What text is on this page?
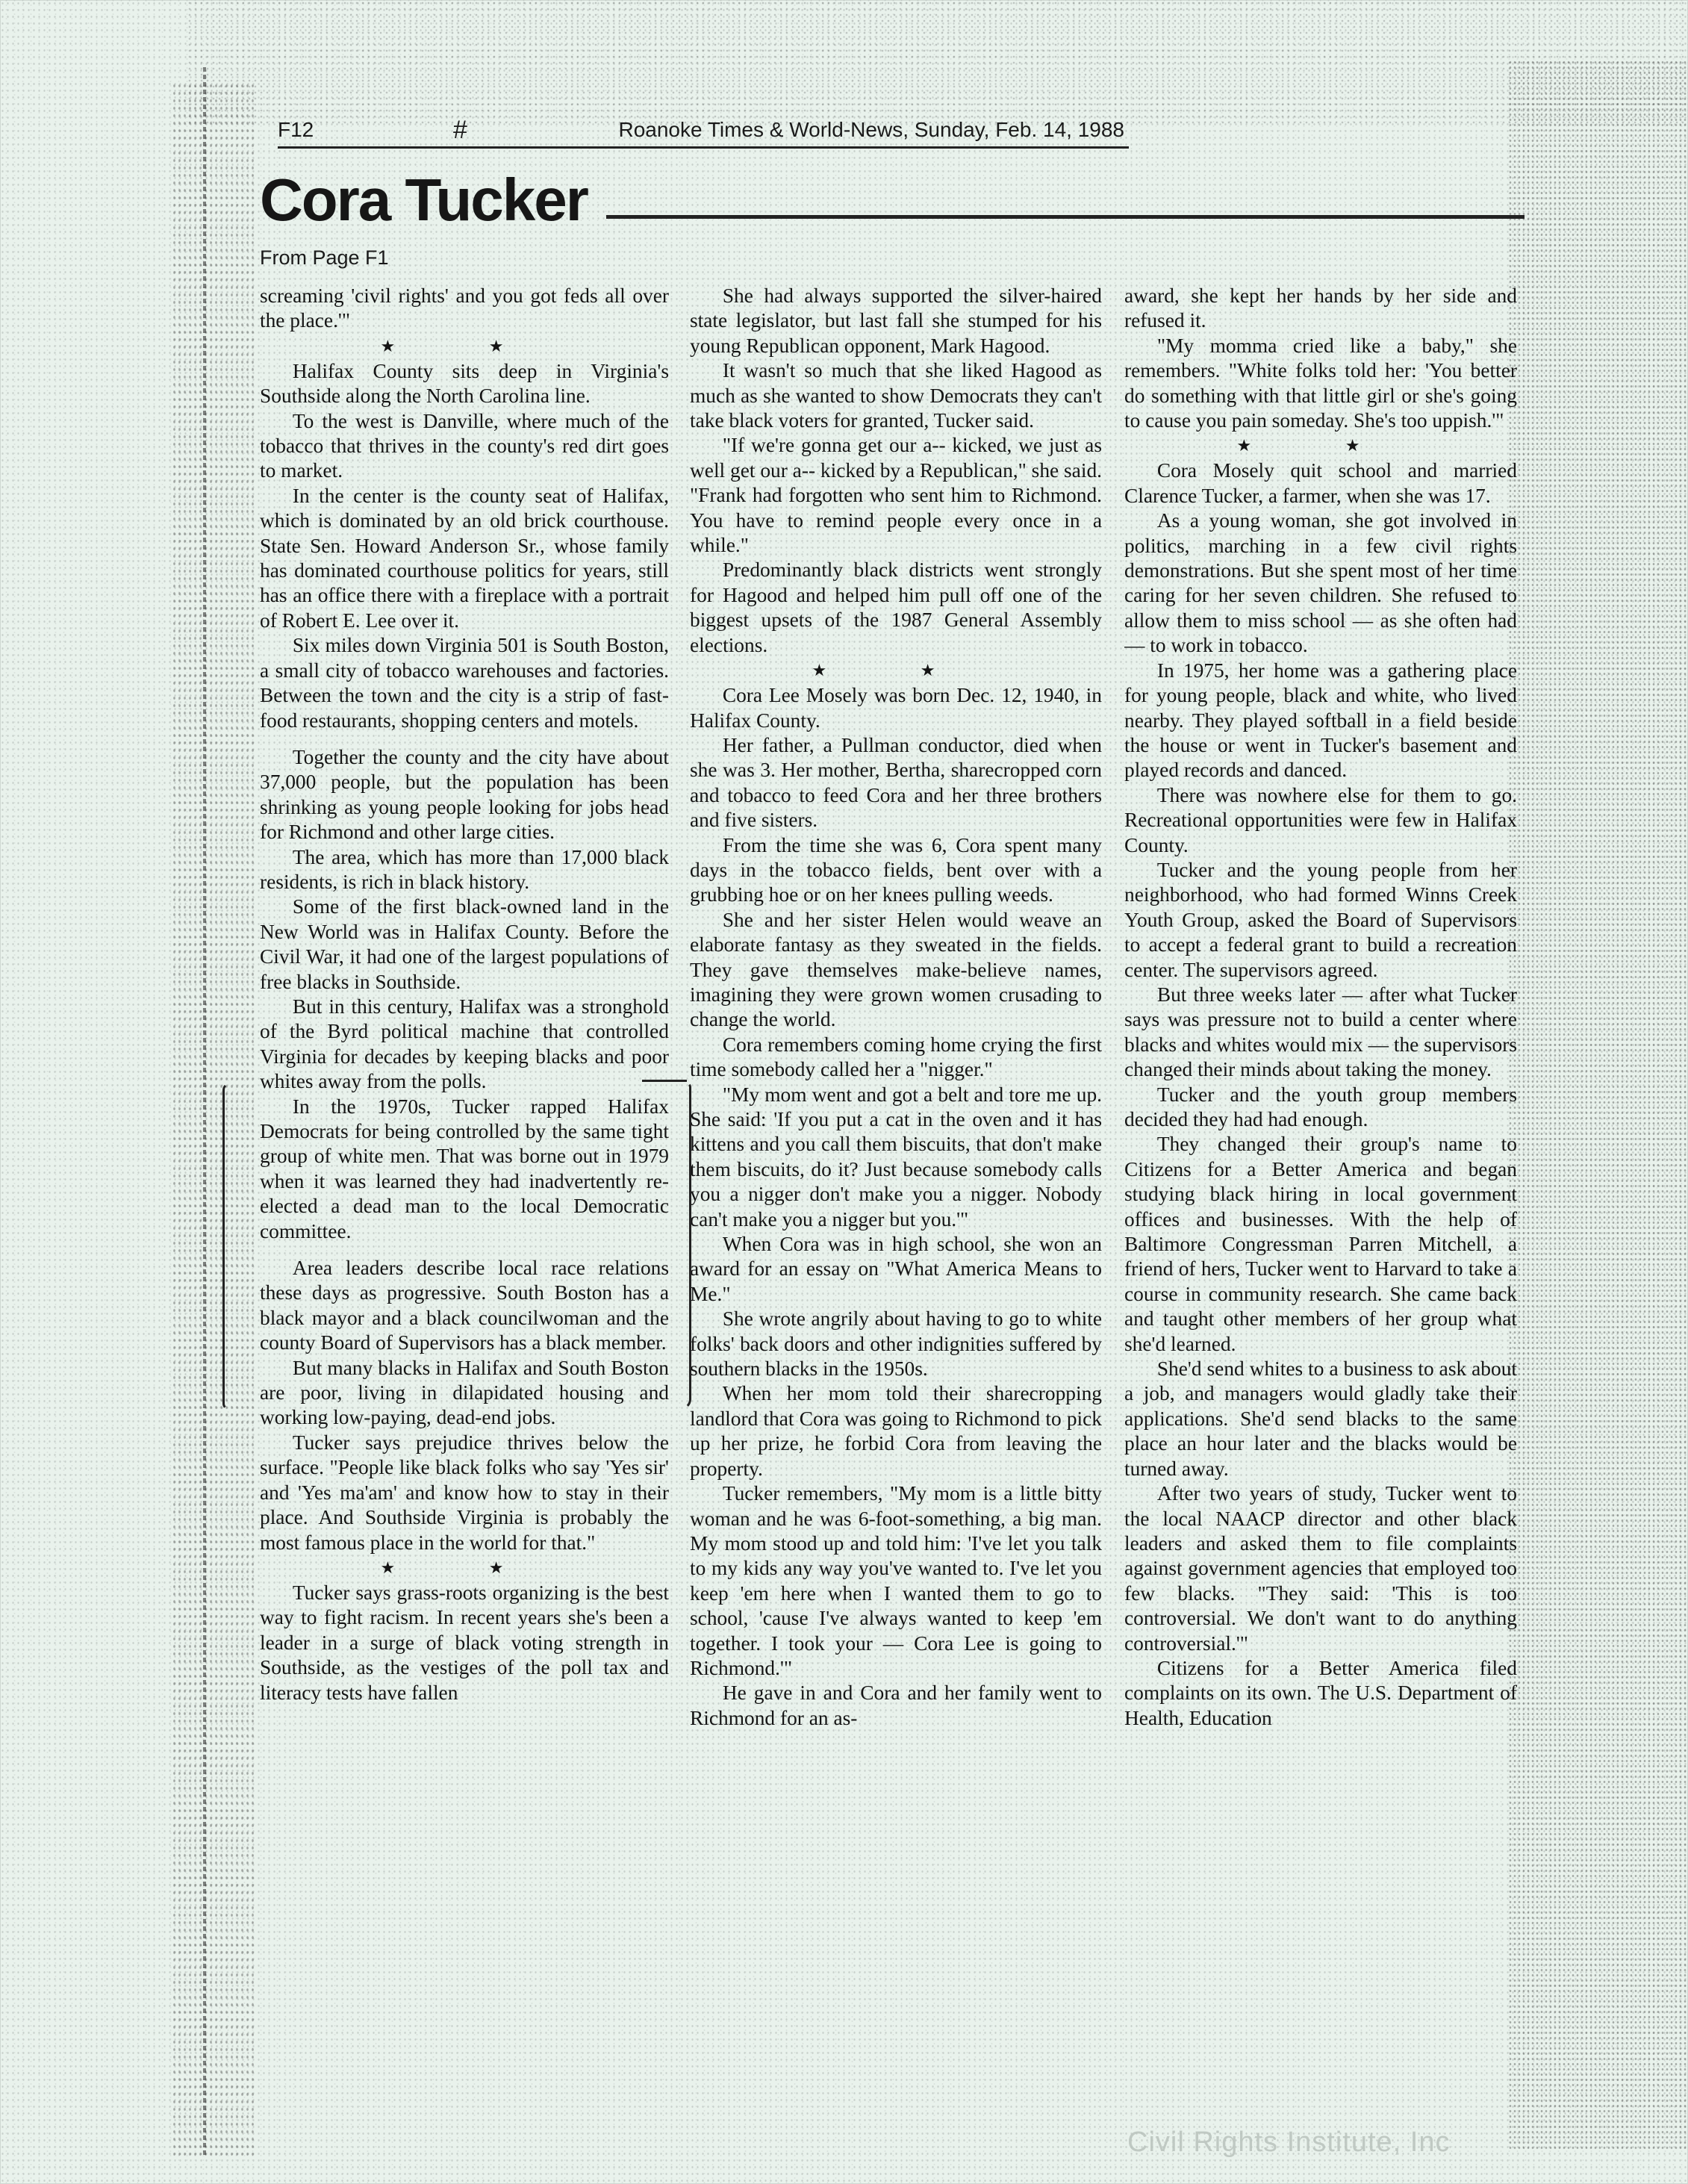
F12	#	Roanoke Times & World-News, Sunday, Feb. 14, 1988
Cora Tucker
From Page F1

screaming 'civil rights' and you got feds all over the place.'"

★ ★

Halifax County sits deep in Virginia's Southside along the North Carolina line.

To the west is Danville, where much of the tobacco that thrives in the county's red dirt goes to market.

In the center is the county seat of Halifax, which is dominated by an old brick courthouse. State Sen. Howard Anderson Sr., whose family has dominated courthouse politics for years, still has an office there with a fireplace with a portrait of Robert E. Lee over it.

Six miles down Virginia 501 is South Boston, a small city of tobacco warehouses and factories. Between the town and the city is a strip of fast-food restaurants, shopping centers and motels.

Together the county and the city have about 37,000 people, but the population has been shrinking as young people looking for jobs head for Richmond and other large cities.

The area, which has more than 17,000 black residents, is rich in black history.

Some of the first black-owned land in the New World was in Halifax County. Before the Civil War, it had one of the largest populations of free blacks in Southside.

But in this century, Halifax was a stronghold of the Byrd political machine that controlled Virginia for decades by keeping blacks and poor whites away from the polls.

In the 1970s, Tucker rapped Halifax Democrats for being controlled by the same tight group of white men. That was borne out in 1979 when it was learned they had inadvertently re-elected a dead man to the local Democratic committee.

Area leaders describe local race relations these days as progressive. South Boston has a black mayor and a black councilwoman and the county Board of Supervisors has a black member.

But many blacks in Halifax and South Boston are poor, living in dilapidated housing and working low-paying, dead-end jobs.

Tucker says prejudice thrives below the surface. "People like black folks who say 'Yes sir' and 'Yes ma'am' and know how to stay in their place. And Southside Virginia is probably the most famous place in the world for that."

★ ★

Tucker says grass-roots organizing is the best way to fight racism. In recent years she's been a leader in a surge of black voting strength in Southside, as the vestiges of the poll tax and literacy tests have fallen

She had always supported the silver-haired state legislator, but last fall she stumped for his young Republican opponent, Mark Hagood.

It wasn't so much that she liked Hagood as much as she wanted to show Democrats they can't take black voters for granted, Tucker said.

"If we're gonna get our a-- kicked, we just as well get our a-- kicked by a Republican," she said. "Frank had forgotten who sent him to Richmond. You have to remind people every once in a while."

Predominantly black districts went strongly for Hagood and helped him pull off one of the biggest upsets of the 1987 General Assembly elections.

★ ★

Cora Lee Mosely was born Dec. 12, 1940, in Halifax County.

Her father, a Pullman conductor, died when she was 3. Her mother, Bertha, sharecropped corn and tobacco to feed Cora and her three brothers and five sisters.

From the time she was 6, Cora spent many days in the tobacco fields, bent over with a grubbing hoe or on her knees pulling weeds.

She and her sister Helen would weave an elaborate fantasy as they sweated in the fields. They gave themselves make-believe names, imagining they were grown women crusading to change the world.

Cora remembers coming home crying the first time somebody called her a "nigger."

"My mom went and got a belt and tore me up. She said: 'If you put a cat in the oven and it has kittens and you call them biscuits, that don't make them biscuits, do it? Just because somebody calls you a nigger don't make you a nigger. Nobody can't make you a nigger but you.'"

When Cora was in high school, she won an award for an essay on "What America Means to Me."

She wrote angrily about having to go to white folks' back doors and other indignities suffered by southern blacks in the 1950s.

When her mom told their sharecropping landlord that Cora was going to Richmond to pick up her prize, he forbid Cora from leaving the property.

Tucker remembers, "My mom is a little bitty woman and he was 6-foot-something, a big man. My mom stood up and told him: 'I've let you talk to my kids any way you've wanted to. I've let you keep 'em here when I wanted them to go to school, 'cause I've always wanted to keep 'em together. I took your — Cora Lee is going to Richmond.'"

He gave in and Cora and her family went to Richmond for an as-

award, she kept her hands by her side and refused it.

"My momma cried like a baby," she remembers. "White folks told her: 'You better do something with that little girl or she's going to cause you pain someday. She's too uppish.'"

★ ★

Cora Mosely quit school and married Clarence Tucker, a farmer, when she was 17.

As a young woman, she got involved in politics, marching in a few civil rights demonstrations. But she spent most of her time caring for her seven children. She refused to allow them to miss school — as she often had — to work in tobacco.

In 1975, her home was a gathering place for young people, black and white, who lived nearby. They played softball in a field beside the house or went in Tucker's basement and played records and danced.

There was nowhere else for them to go. Recreational opportunities were few in Halifax County.

Tucker and the young people from her neighborhood, who had formed Winns Creek Youth Group, asked the Board of Supervisors to accept a federal grant to build a recreation center. The supervisors agreed.

But three weeks later — after what Tucker says was pressure not to build a center where blacks and whites would mix — the supervisors changed their minds about taking the money.

Tucker and the youth group members decided they had had enough.

They changed their group's name to Citizens for a Better America and began studying black hiring in local government offices and businesses. With the help of Baltimore Congressman Parren Mitchell, a friend of hers, Tucker went to Harvard to take a course in community research. She came back and taught other members of her group what she'd learned.

She'd send whites to a business to ask about a job, and managers would gladly take their applications. She'd send blacks to the same place an hour later and the blacks would be turned away.

After two years of study, Tucker went to the local NAACP director and other black leaders and asked them to file complaints against government agencies that employed too few blacks. "They said: 'This is too controversial. We don't want to do anything controversial.'"

Citizens for a Better America filed complaints on its own. The U.S. Department of Health, Education

Civil Rights Institute, Inc
